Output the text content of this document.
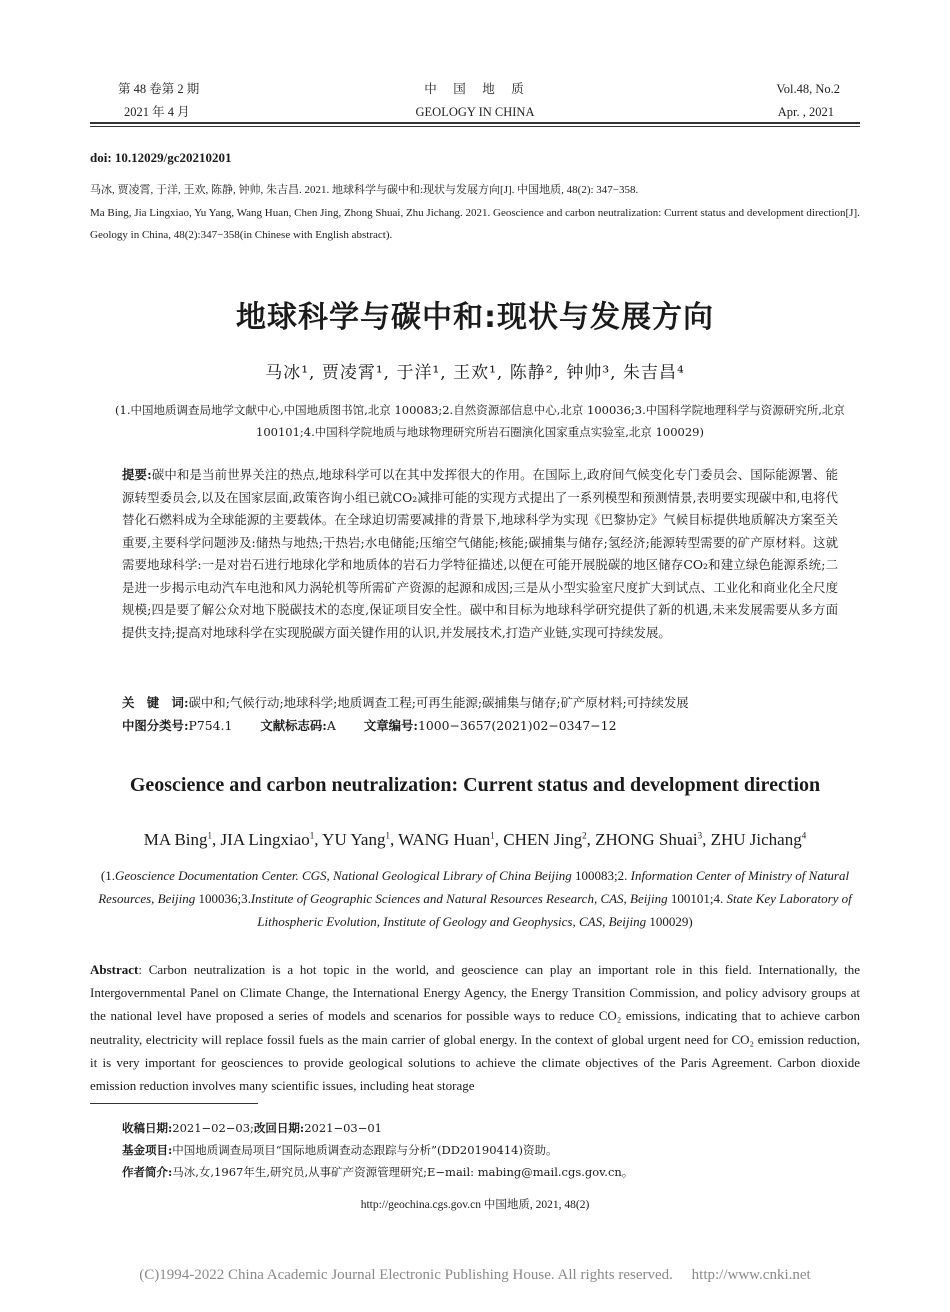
第 48 卷第 2 期
2021 年 4 月
中　国　地　质
GEOLOGY IN CHINA
Vol.48, No.2
Apr. , 2021
doi: 10.12029/gc20210201
马冰, 贾凌霄, 于洋, 王欢, 陈静, 钟帅, 朱吉昌. 2021. 地球科学与碳中和:现状与发展方向[J]. 中国地质, 48(2): 347−358.
Ma Bing, Jia Lingxiao, Yu Yang, Wang Huan, Chen Jing, Zhong Shuai, Zhu Jichang. 2021. Geoscience and carbon neutralization: Current status and development direction[J]. Geology in China, 48(2):347−358(in Chinese with English abstract).
地球科学与碳中和:现状与发展方向
马冰¹, 贾凌霄¹, 于洋¹, 王欢¹, 陈静², 钟帅³, 朱吉昌⁴
(1.中国地质调查局地学文献中心,中国地质图书馆,北京 100083;2.自然资源部信息中心,北京 100036;3.中国科学院地理科学与资源研究所,北京 100101;4.中国科学院地质与地球物理研究所岩石圈演化国家重点实验室,北京 100029)
提要:碳中和是当前世界关注的热点,地球科学可以在其中发挥很大的作用。在国际上,政府间气候变化专门委员会、国际能源署、能源转型委员会,以及在国家层面,政策咨询小组已就CO₂减排可能的实现方式提出了一系列模型和预测情景,表明要实现碳中和,电将代替化石燃料成为全球能源的主要载体。在全球迫切需要减排的背景下,地球科学为实现《巴黎协定》气候目标提供地质解决方案至关重要,主要科学问题涉及:储热与地热;干热岩;水电储能;压缩空气储能;核能;碳捕集与储存;氢经济;能源转型需要的矿产原材料。这就需要地球科学:一是对岩石进行地球化学和地质体的岩石力学特征描述,以便在可能开展脱碳的地区储存CO₂和建立绿色能源系统;二是进一步揭示电动汽车电池和风力涡轮机等所需矿产资源的起源和成因;三是从小型实验室尺度扩大到试点、工业化和商业化全尺度规模;四是要了解公众对地下脱碳技术的态度,保证项目安全性。碳中和目标为地球科学研究提供了新的机遇,未来发展需要从多方面提供支持;提高对地球科学在实现脱碳方面关键作用的认识,并发展技术,打造产业链,实现可持续发展。
关　键　词:碳中和;气候行动;地球科学;地质调查工程;可再生能源;碳捕集与储存;矿产原材料;可持续发展
中图分类号:P754.1 文献标志码:A 文章编号:1000−3657(2021)02−0347−12
Geoscience and carbon neutralization: Current status and development direction
MA Bing$^1$, JIA Lingxiao$^1$, YU Yang$^1$, WANG Huan$^1$, CHEN Jing$^2$, ZHONG Shuai$^3$, ZHU Jichang$^4$
(1.Geoscience Documentation Center. CGS, National Geological Library of China Beijing 100083;2. Information Center of Ministry of Natural Resources, Beijing 100036;3.Institute of Geographic Sciences and Natural Resources Research, CAS, Beijing 100101;4. State Key Laboratory of Lithospheric Evolution, Institute of Geology and Geophysics, CAS, Beijing 100029)
Abstract: Carbon neutralization is a hot topic in the world, and geoscience can play an important role in this field. Internationally, the Intergovernmental Panel on Climate Change, the International Energy Agency, the Energy Transition Commission, and policy advisory groups at the national level have proposed a series of models and scenarios for possible ways to reduce CO₂ emissions, indicating that to achieve carbon neutrality, electricity will replace fossil fuels as the main carrier of global energy. In the context of global urgent need for CO₂ emission reduction, it is very important for geosciences to provide geological solutions to achieve the climate objectives of the Paris Agreement. Carbon dioxide emission reduction involves many scientific issues, including heat storage
收稿日期:2021−02−03;改回日期:2021−03−01
基金项目:中国地质调查局项目“国际地质调查动态跟踪与分析”(DD20190414)资助。
作者简介:马冰,女,1967年生,研究员,从事矿产资源管理研究;E−mail: mabing@mail.cgs.gov.cn。
http://geochina.cgs.gov.cn 中国地质, 2021, 48(2)
(C)1994-2022 China Academic Journal Electronic Publishing House. All rights reserved.　 http://www.cnki.net
